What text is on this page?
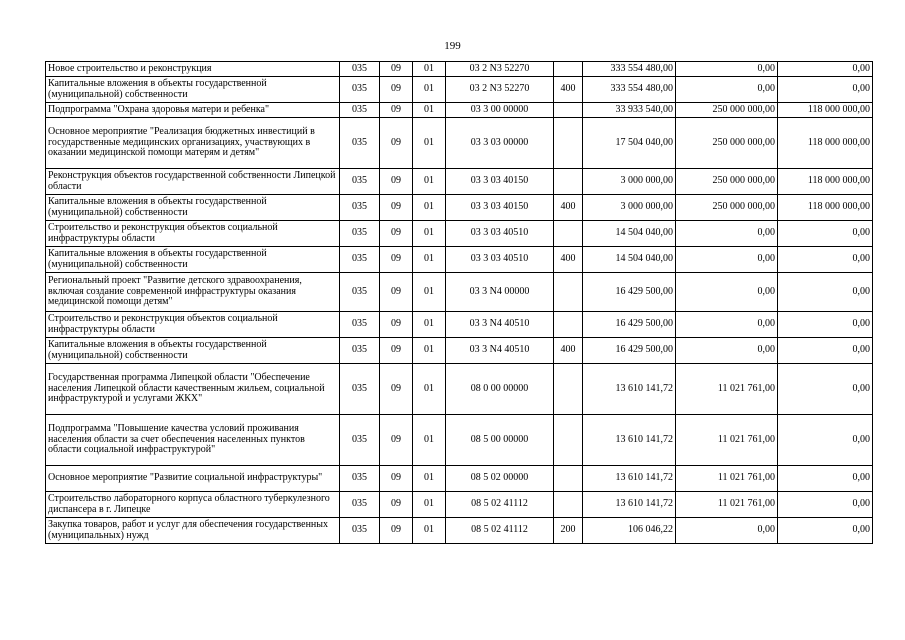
199
Новое строительство и реконструкция	035	09	01	03 2 N3 52270		333 554 480,00	0,00	0,00
Капитальные вложения в объекты государственной (муниципальной) собственности	035	09	01	03 2 N3 52270	400	333 554 480,00	0,00	0,00
Подпрограмма "Охрана здоровья матери и ребенка"	035	09	01	03 3 00 00000		33 933 540,00	250 000 000,00	118 000 000,00
Основное мероприятие "Реализация бюджетных инвестиций в государственные медицинских организациях, участвующих в оказании медицинской помощи матерям и детям"	035	09	01	03 3 03 00000		17 504 040,00	250 000 000,00	118 000 000,00
Реконструкция объектов государственной собственности Липецкой области	035	09	01	03 3 03 40150		3 000 000,00	250 000 000,00	118 000 000,00
Капитальные вложения в объекты государственной (муниципальной) собственности	035	09	01	03 3 03 40150	400	3 000 000,00	250 000 000,00	118 000 000,00
Строительство и реконструкция объектов социальной инфраструктуры области	035	09	01	03 3 03 40510		14 504 040,00	0,00	0,00
Капитальные вложения в объекты государственной (муниципальной) собственности	035	09	01	03 3 03 40510	400	14 504 040,00	0,00	0,00
Региональный проект "Развитие детского здравоохранения, включая создание современной инфраструктуры оказания медицинской помощи детям"	035	09	01	03 3 N4 00000		16 429 500,00	0,00	0,00
Строительство и реконструкция объектов социальной инфраструктуры области	035	09	01	03 3 N4 40510		16 429 500,00	0,00	0,00
Капитальные вложения в объекты государственной (муниципальной) собственности	035	09	01	03 3 N4 40510	400	16 429 500,00	0,00	0,00
Государственная программа Липецкой области "Обеспечение населения Липецкой области качественным жильем, социальной инфраструктурой и услугами ЖКХ"	035	09	01	08 0 00 00000		13 610 141,72	11 021 761,00	0,00
Подпрограмма "Повышение качества условий проживания населения области за счет обеспечения населенных пунктов области социальной инфраструктурой"	035	09	01	08 5 00 00000		13 610 141,72	11 021 761,00	0,00
Основное мероприятие "Развитие социальной инфраструктуры"	035	09	01	08 5 02 00000		13 610 141,72	11 021 761,00	0,00
Строительство лабораторного корпуса областного туберкулезного диспансера в г. Липецке	035	09	01	08 5 02 41112		13 610 141,72	11 021 761,00	0,00
Закупка товаров, работ и услуг для обеспечения государственных (муниципальных) нужд	035	09	01	08 5 02 41112	200	106 046,22	0,00	0,00
